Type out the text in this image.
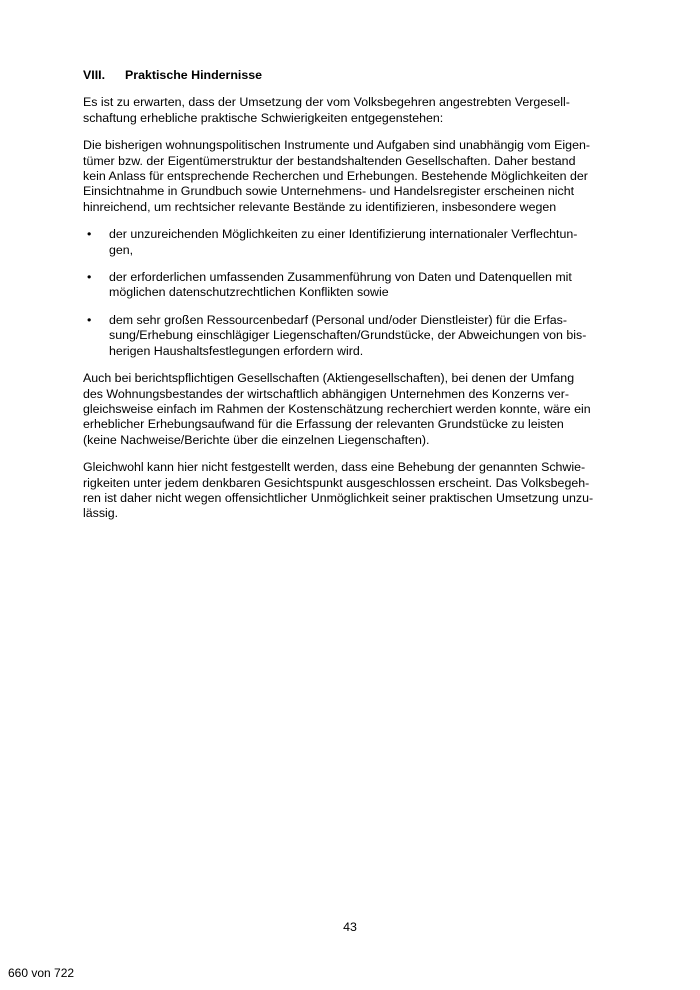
VIII.	Praktische Hindernisse

Es ist zu erwarten, dass der Umsetzung der vom Volksbegehren angestrebten Vergesell-
schaftung erhebliche praktische Schwierigkeiten entgegenstehen:

Die bisherigen wohnungspolitischen Instrumente und Aufgaben sind unabhängig vom Eigen-
tümer bzw. der Eigentümerstruktur der bestandshaltenden Gesellschaften. Daher bestand
kein Anlass für entsprechende Recherchen und Erhebungen. Bestehende Möglichkeiten der
Einsichtnahme in Grundbuch sowie Unternehmens- und Handelsregister erscheinen nicht
hinreichend, um rechtsicher relevante Bestände zu identifizieren, insbesondere wegen

• der unzureichenden Möglichkeiten zu einer Identifizierung internationaler Verflechtun-
gen,
• der erforderlichen umfassenden Zusammenführung von Daten und Datenquellen mit
möglichen datenschutzrechtlichen Konflikten sowie
• dem sehr großen Ressourcenbedarf (Personal und/oder Dienstleister) für die Erfas-
sung/Erhebung einschlägiger Liegenschaften/Grundstücke, der Abweichungen von bis-
herigen Haushaltsfestlegungen erfordern wird.

Auch bei berichtspflichtigen Gesellschaften (Aktiengesellschaften), bei denen der Umfang
des Wohnungsbestandes der wirtschaftlich abhängigen Unternehmen des Konzerns ver-
gleichsweise einfach im Rahmen der Kostenschätzung recherchiert werden konnte, wäre ein
erheblicher Erhebungsaufwand für die Erfassung der relevanten Grundstücke zu leisten
(keine Nachweise/Berichte über die einzelnen Liegenschaften).

Gleichwohl kann hier nicht festgestellt werden, dass eine Behebung der genannten Schwie-
rigkeiten unter jedem denkbaren Gesichtspunkt ausgeschlossen erscheint. Das Volksbegeh-
ren ist daher nicht wegen offensichtlicher Unmöglichkeit seiner praktischen Umsetzung unzu-
lässig.

43
660 von 722
